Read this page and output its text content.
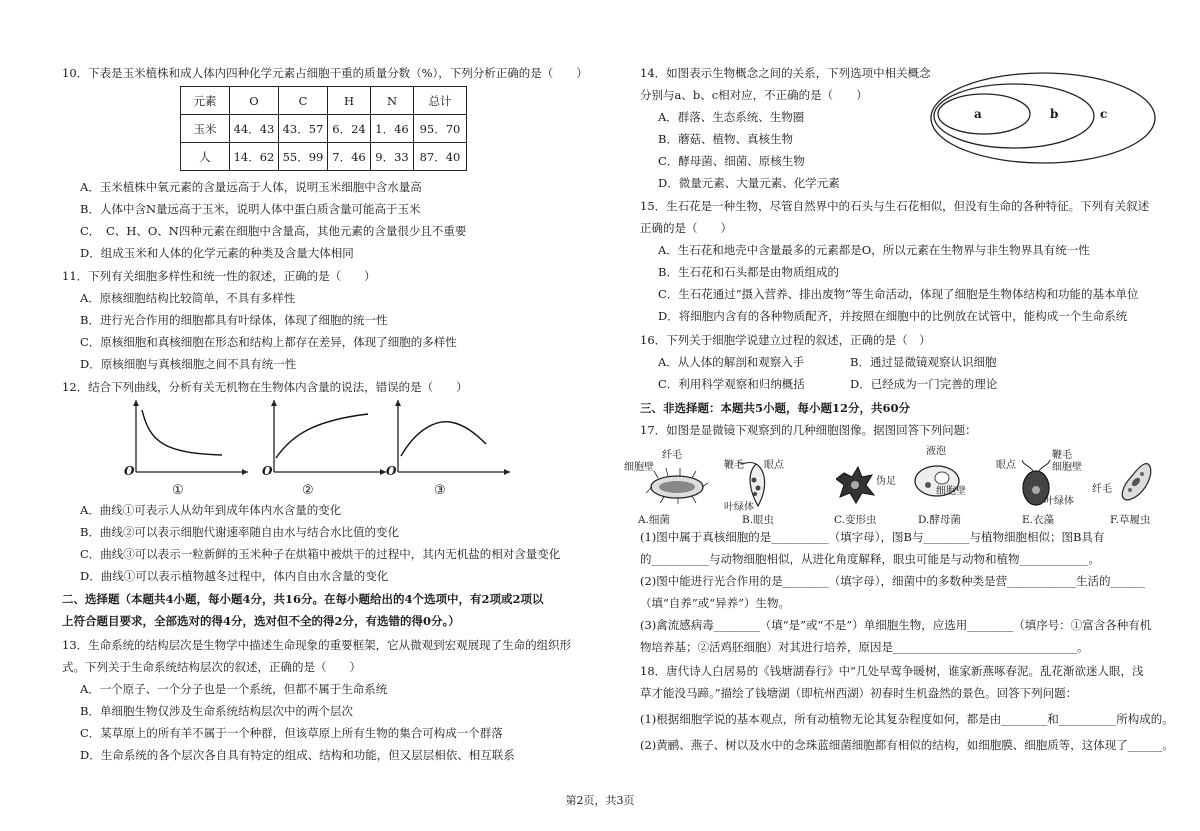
10．下表是玉米植株和成人体内四种化学元素占细胞干重的质量分数（%），下列分析正确的是（　　）
元素	O	C	H	N	总计
玉米	44．43	43．57	6．24	1．46	95．70
人	14．62	55．99	7．46	9．33	87．40
A．玉米植株中氧元素的含量远高于人体，说明玉米细胞中含水量高
B．人体中含N量远高于玉米，说明人体中蛋白质含量可能高于玉米
C．　C、H、O、N四种元素在细胞中含量高，其他元素的含量很少且不重要
D．组成玉米和人体的化学元素的种类及含量大体相同
11．下列有关细胞多样性和统一性的叙述，正确的是（　　）
A．原核细胞结构比较简单，不具有多样性
B．进行光合作用的细胞都具有叶绿体，体现了细胞的统一性
C．原核细胞和真核细胞在形态和结构上都存在差异，体现了细胞的多样性
D．原核细胞与真核细胞之间不具有统一性
12．结合下列曲线，分析有关无机物在生物体内含量的说法，错误的是（　　）
O
①
O
②
O
③
A．曲线①可表示人从幼年到成年体内水含量的变化
B．曲线②可以表示细胞代谢速率随自由水与结合水比值的变化
C．曲线③可以表示一粒新鲜的玉米种子在烘箱中被烘干的过程中，其内无机盐的相对含量变化
D．曲线①可以表示植物越冬过程中，体内自由水含量的变化
二、选择题（本题共4小题，每小题4分，共16分。在每小题给出的4个选项中，有2项或2项以
上符合题目要求，全部选对的得4分，选对但不全的得2分，有选错的得0分。）
13．生命系统的结构层次是生物学中描述生命现象的重要框架，它从微观到宏观展现了生命的组织形
式。下列关于生命系统结构层次的叙述，正确的是（　　）
A．一个原子、一个分子也是一个系统，但都不属于生命系统
B．单细胞生物仅涉及生命系统结构层次中的两个层次
C．某草原上的所有羊不属于一个种群，但该草原上所有生物的集合可构成一个群落
D．生命系统的各个层次各自具有特定的组成、结构和功能，但又层层相依、相互联系
14．如图表示生物概念之间的关系，下列选项中相关概念
分别与a、b、c相对应，不正确的是（　　）
A．群落、生态系统、生物圈
B．蘑菇、植物、真核生物
C．酵母菌、细菌、原核生物
D．微量元素、大量元素、化学元素
a	b	c
15．生石花是一种生物，尽管自然界中的石头与生石花相似，但没有生命的各种特征。下列有关叙述
正确的是（　　）
A．生石花和地壳中含量最多的元素都是O，所以元素在生物界与非生物界具有统一性
B．生石花和石头都是由物质组成的
C．生石花通过“摄入营养、排出废物”等生命活动，体现了细胞是生物体结构和功能的基本单位
D．将细胞内含有的各种物质配齐，并按照在细胞中的比例放在试管中，能构成一个生命系统
16．下列关于细胞学说建立过程的叙述，正确的是（　）
A．从人体的解剖和观察入手	B．通过显微镜观察认识细胞
C．利用科学观察和归纳概括	D．已经成为一门完善的理论
三、非选择题：本题共5小题，每小题12分，共60分
17．如图是显微镜下观察到的几种细胞图像。据图回答下列问题：
纤毛
细胞壁
A.细菌
鞭毛 眼点
叶绿体
B.眼虫
伪足
C.变形虫
液泡
细胞壁
D.酵母菌
眼点
鞭毛
细胞壁
叶绿体
E.衣藻
纤毛
F.草履虫
(1)图中属于真核细胞的是__________（填字母），图B与________与植物细胞相似；图B具有
的__________与动物细胞相似，从进化角度解释，眼虫可能是与动物和植物____________。
(2)图中能进行光合作用的是________（填字母），细菌中的多数种类是营____________生活的______
（填“自养”或“异养”）生物。
(3)禽流感病毒________（填“是”或“不是”）单细胞生物，应选用________（填序号：①富含各种有机
物培养基；②活鸡胚细胞）对其进行培养，原因是________________________________。
18．唐代诗人白居易的《钱塘湖春行》中“几处早莺争暖树，谁家新燕啄春泥。乱花渐欲迷人眼，浅
草才能没马蹄。”描绘了钱塘湖（即杭州西湖）初春时生机盎然的景色。回答下列问题：
(1)根据细胞学说的基本观点，所有动植物无论其复杂程度如何，都是由________和__________所构成的。
(2)黄鹂、燕子、树以及水中的念珠蓝细菌细胞都有相似的结构，如细胞膜、细胞质等，这体现了______。
第2页，共3页
